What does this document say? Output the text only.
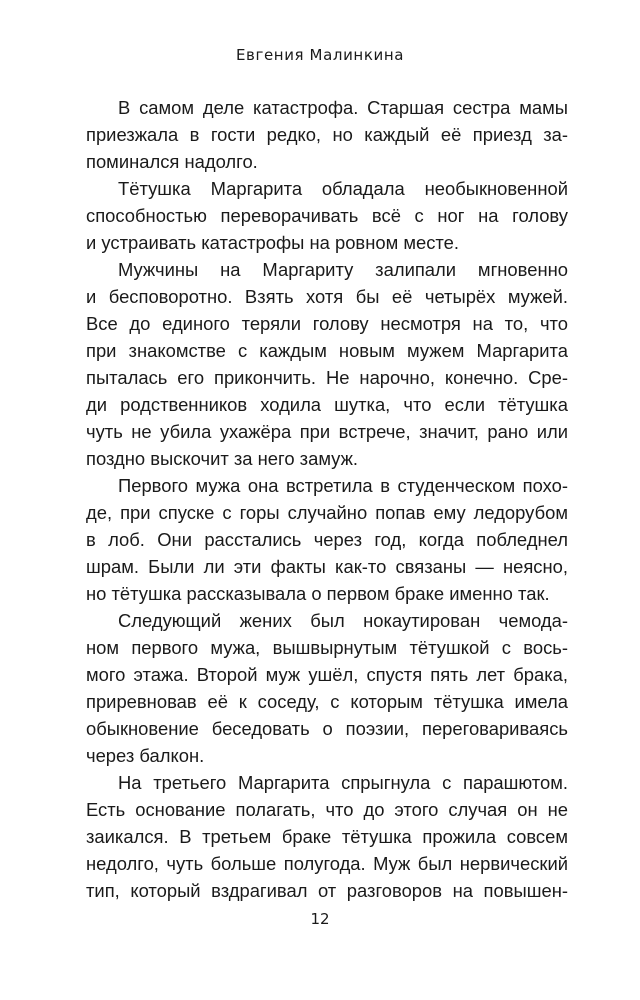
Евгения Малинкина
В самом деле катастрофа. Старшая сестра мамы
приезжала в гости редко, но каждый её приезд за-
поминался надолго.
Тётушка Маргарита обладала необыкновенной
способностью переворачивать всё с ног на голову
и устраивать катастрофы на ровном месте.
Мужчины на Маргариту залипали мгновенно
и бесповоротно. Взять хотя бы её четырёх мужей.
Все до единого теряли голову несмотря на то, что
при знакомстве с каждым новым мужем Маргарита
пыталась его прикончить. Не нарочно, конечно. Сре-
ди родственников ходила шутка, что если тётушка
чуть не убила ухажёра при встрече, значит, рано или
поздно выскочит за него замуж.
Первого мужа она встретила в студенческом похо-
де, при спуске с горы случайно попав ему ледорубом
в лоб. Они расстались через год, когда побледнел
шрам. Были ли эти факты как-то связаны — неясно,
но тётушка рассказывала о первом браке именно так.
Следующий жених был нокаутирован чемода-
ном первого мужа, вышвырнутым тётушкой с вось-
мого этажа. Второй муж ушёл, спустя пять лет брака,
приревновав её к соседу, с которым тётушка имела
обыкновение беседовать о поэзии, переговариваясь
через балкон.
На третьего Маргарита спрыгнула с парашютом.
Есть основание полагать, что до этого случая он не
заикался. В третьем браке тётушка прожила совсем
недолго, чуть больше полугода. Муж был нервический
тип, который вздрагивал от разговоров на повышен-
12
